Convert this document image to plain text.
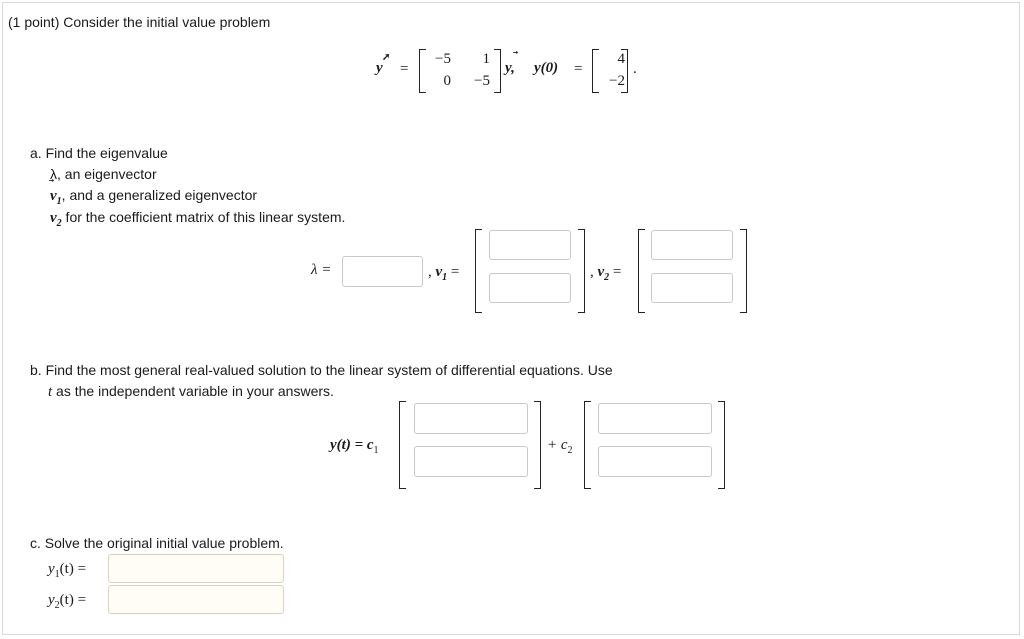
(1 point) Consider the initial value problem
y
➚
=
−5	1
0	−5
y, y(0) =
4
−2
.
a. Find the eigenvalue
λ, an eigenvector
$v_1$
, and a generalized eigenvector
$v_2$ for the coefficient matrix of this linear system.
λ =	, $v_1$ =	, $v_2$ =
b. Find the most general real-valued solution to the linear system of differential equations. Use
t as the independent variable in your answers.
$y(t) = c_1$	+ $c_2$
c. Solve the original initial value problem.
$y_1(t)$ =
$y_2(t)$ =
